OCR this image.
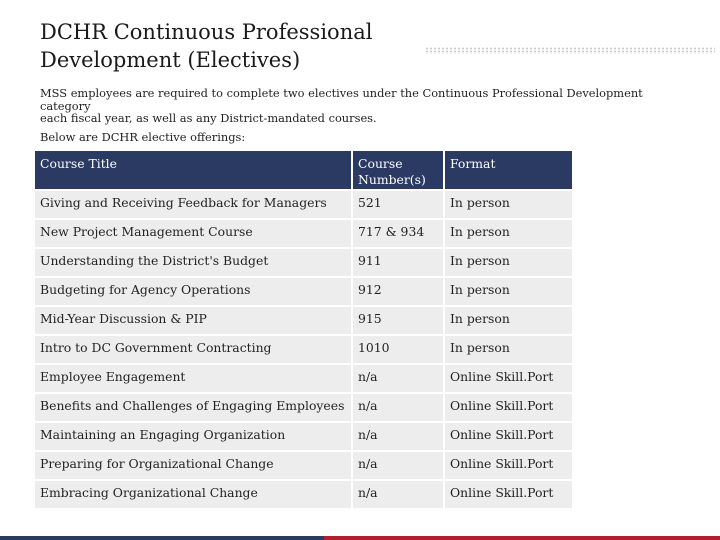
DCHR Continuous Professional
Development (Electives)
MSS employees are required to complete two electives under the Continuous Professional Development category
each fiscal year, as well as any District-mandated courses.
Below are DCHR elective offerings:
Course Title	Course Number(s)	Format
Giving and Receiving Feedback for Managers	521	In person
New Project Management Course	717 & 934	In person
Understanding the District's Budget	911	In person
Budgeting for Agency Operations	912	In person
Mid-Year Discussion & PIP	915	In person
Intro to DC Government Contracting	1010	In person
Employee Engagement	n/a	Online Skill.Port
Benefits and Challenges of Engaging Employees	n/a	Online Skill.Port
Maintaining an Engaging Organization	n/a	Online Skill.Port
Preparing for Organizational Change	n/a	Online Skill.Port
Embracing Organizational Change	n/a	Online Skill.Port
